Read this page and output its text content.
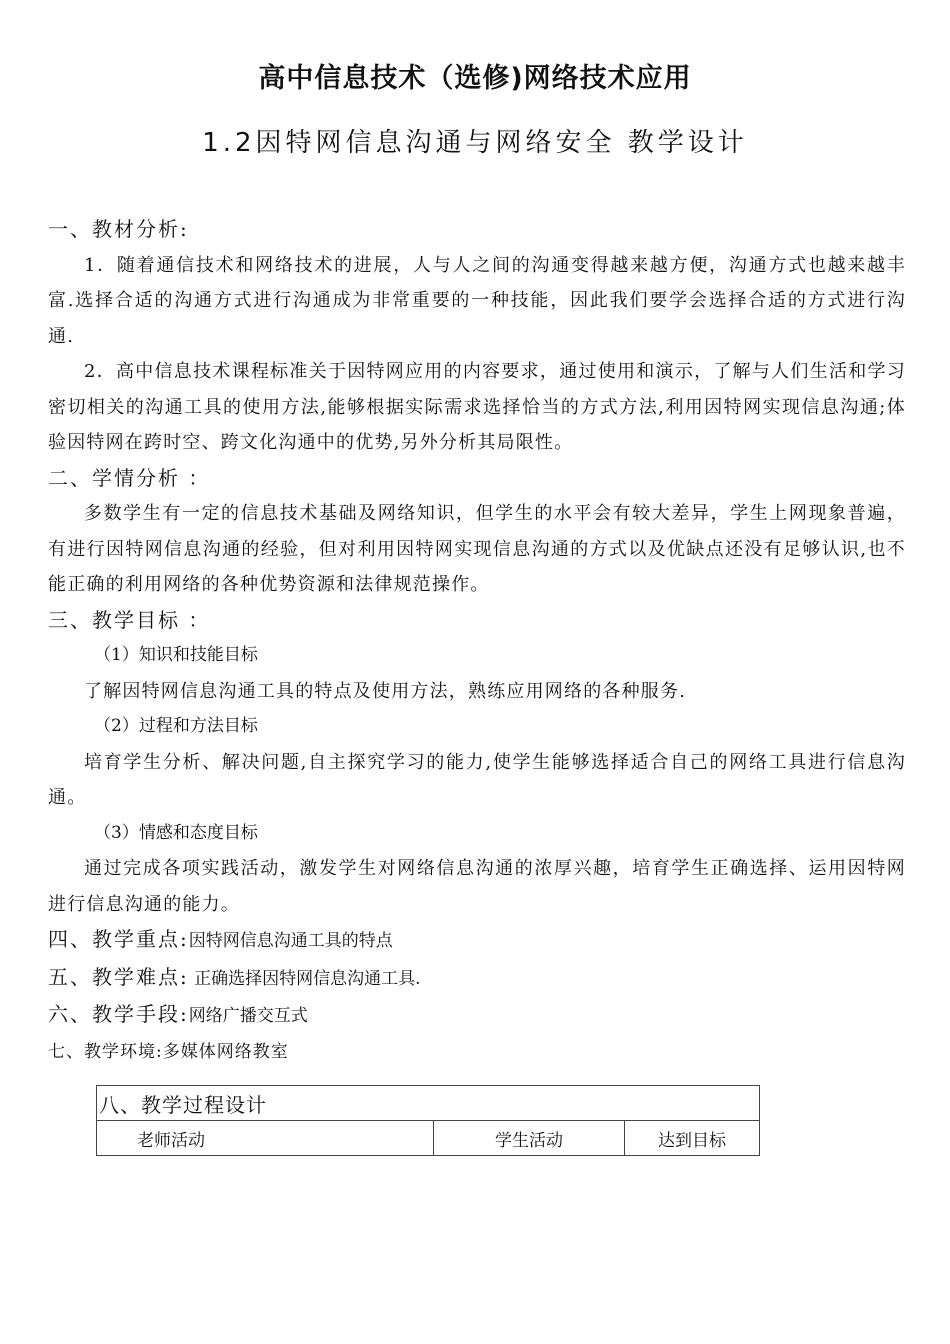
高中信息技术（选修)网络技术应用
1.2因特网信息沟通与网络安全 教学设计

一、教材分析:

1．随着通信技术和网络技术的进展，人与人之间的沟通变得越来越方便，沟通方式也越来越丰富.选择合适的沟通方式进行沟通成为非常重要的一种技能，因此我们要学会选择合适的方式进行沟通.

2．高中信息技术课程标准关于因特网应用的内容要求，通过使用和演示，了解与人们生活和学习密切相关的沟通工具的使用方法,能够根据实际需求选择恰当的方式方法,利用因特网实现信息沟通;体验因特网在跨时空、跨文化沟通中的优势,另外分析其局限性。

二、学情分析 ：

多数学生有一定的信息技术基础及网络知识，但学生的水平会有较大差异，学生上网现象普遍，有进行因特网信息沟通的经验，但对利用因特网实现信息沟通的方式以及优缺点还没有足够认识,也不能正确的利用网络的各种优势资源和法律规范操作。

三、教学目标 ：

（1）知识和技能目标

了解因特网信息沟通工具的特点及使用方法，熟练应用网络的各种服务.

（2）过程和方法目标

培育学生分析、解决问题,自主探究学习的能力,使学生能够选择适合自己的网络工具进行信息沟通。

（3）情感和态度目标

通过完成各项实践活动，激发学生对网络信息沟通的浓厚兴趣，培育学生正确选择、运用因特网进行信息沟通的能力。

四、教学重点:因特网信息沟通工具的特点

五、教学难点: 正确选择因特网信息沟通工具.

六、教学手段:网络广播交互式

七、教学环境:多媒体网络教室

八、教学过程设计
老师活动	学生活动	达到目标
